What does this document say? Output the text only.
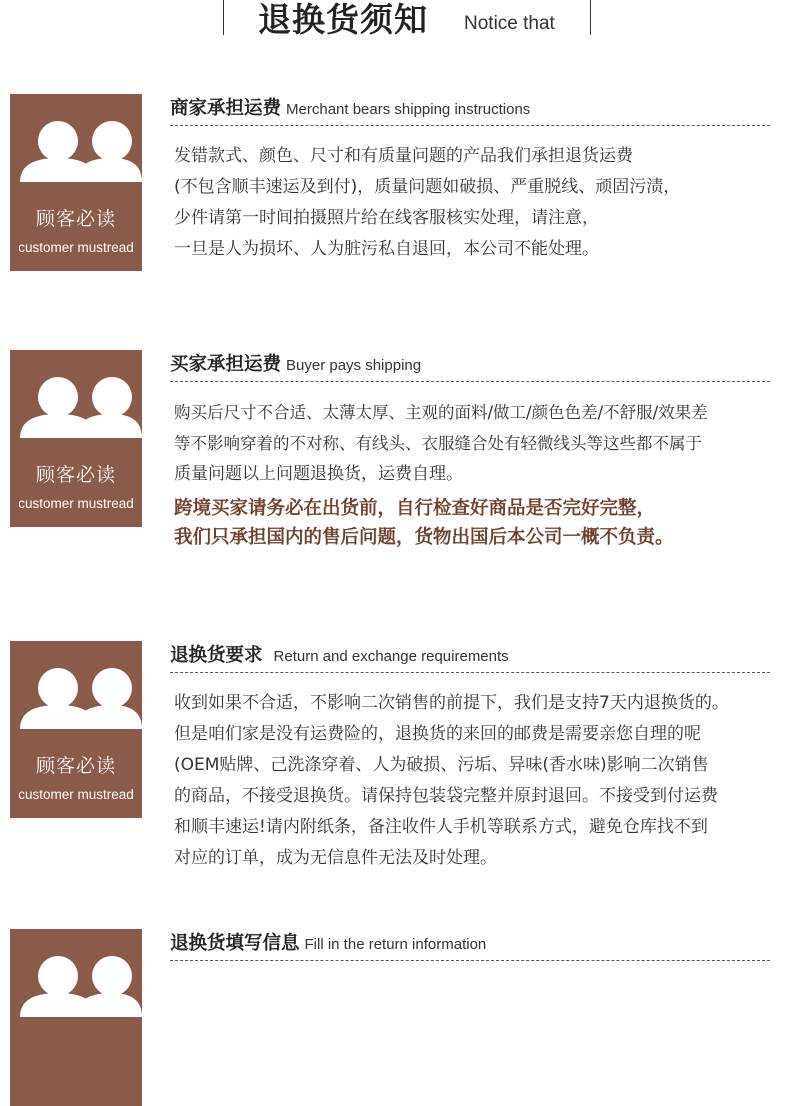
退换货须知 Notice that
顾客必读
customer mustread
商家承担运费 Merchant bears shipping instructions
发错款式、颜色、尺寸和有质量问题的产品我们承担退货运费
(不包含顺丰速运及到付)，质量问题如破损、严重脱线、顽固污渍，
少件请第一时间拍摄照片给在线客服核实处理，请注意，
一旦是人为损坏、人为脏污私自退回，本公司不能处理。
顾客必读
customer mustread
买家承担运费 Buyer pays shipping
购买后尺寸不合适、太薄太厚、主观的面料/做工/颜色色差/不舒服/效果差
等不影响穿着的不对称、有线头、衣服缝合处有轻微线头等这些都不属于
质量问题以上问题退换货，运费自理。
跨境买家请务必在出货前，自行检查好商品是否完好完整，
我们只承担国内的售后问题，货物出国后本公司一概不负责。
顾客必读
customer mustread
退换货要求 Return and exchange requirements
收到如果不合适，不影响二次销售的前提下，我们是支持7天内退换货的。
但是咱们家是没有运费险的，退换货的来回的邮费是需要亲您自理的呢
(OEM贴牌、己洗涤穿着、人为破损、污垢、异味(香水味)影响二次销售
的商品，不接受退换货。请保持包装袋完整并原封退回。不接受到付运费
和顺丰速运!请内附纸条，备注收件人手机等联系方式，避免仓库找不到
对应的订单，成为无信息件无法及时处理。
退换货填写信息 Fill in the return information
